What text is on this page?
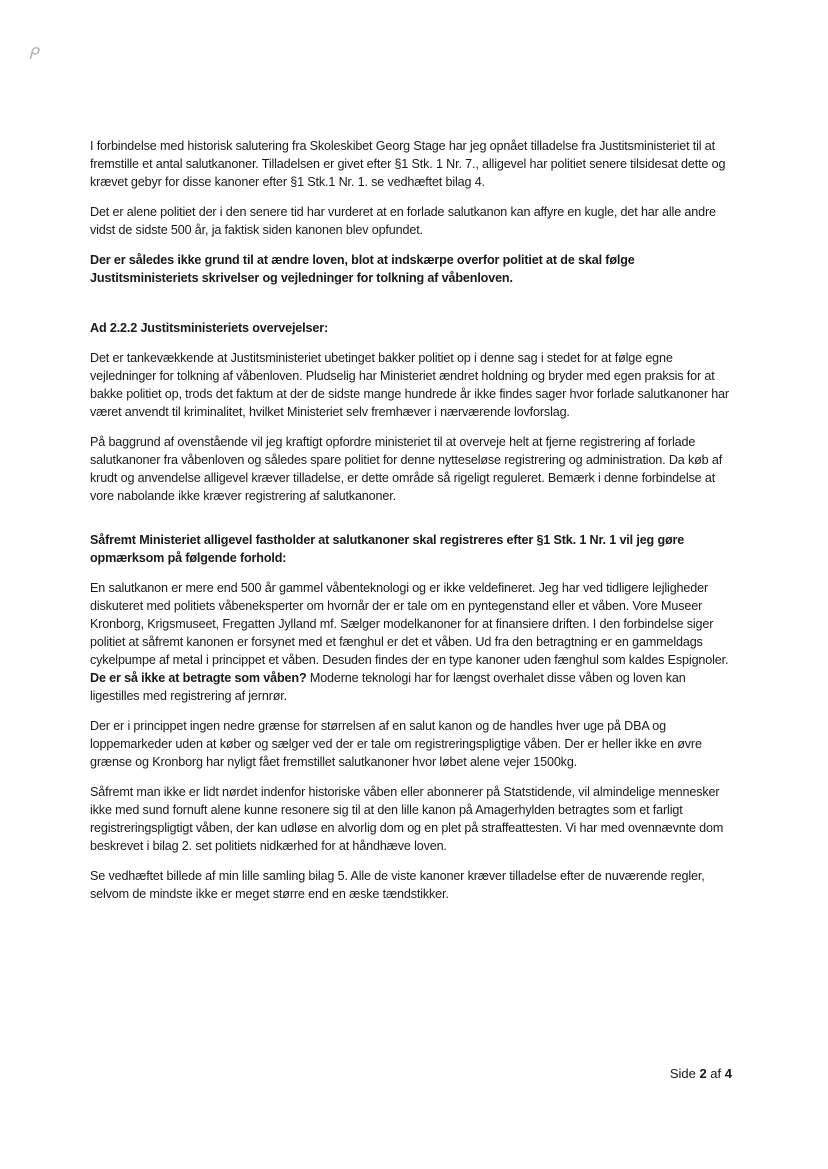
ᑭ

I forbindelse med historisk salutering fra Skoleskibet Georg Stage har jeg opnået tilladelse fra Justitsministeriet til at fremstille et antal salutkanoner. Tilladelsen er givet efter §1 Stk. 1 Nr. 7., alligevel har politiet senere tilsidesat dette og krævet gebyr for disse kanoner efter §1 Stk.1 Nr. 1. se vedhæftet bilag 4.

Det er alene politiet der i den senere tid har vurderet at en forlade salutkanon kan affyre en kugle, det har alle andre vidst de sidste 500 år, ja faktisk siden kanonen blev opfundet.

Der er således ikke grund til at ændre loven, blot at indskærpe overfor politiet at de skal følge Justitsministeriets skrivelser og vejledninger for tolkning af våbenloven.

Ad 2.2.2 Justitsministeriets overvejelser:

Det er tankevækkende at Justitsministeriet ubetinget bakker politiet op i denne sag i stedet for at følge egne vejledninger for tolkning af våbenloven. Pludselig har Ministeriet ændret holdning og bryder med egen praksis for at bakke politiet op, trods det faktum at der de sidste mange hundrede år ikke findes sager hvor forlade salutkanoner har været anvendt til kriminalitet, hvilket Ministeriet selv fremhæver i nærværende lovforslag.

På baggrund af ovenstående vil jeg kraftigt opfordre ministeriet til at overveje helt at fjerne registrering af forlade salutkanoner fra våbenloven og således spare politiet for denne nytteseløse registrering og administration. Da køb af krudt og anvendelse alligevel kræver tilladelse, er dette område så rigeligt reguleret. Bemærk i denne forbindelse at vore nabolande ikke kræver registrering af salutkanoner.

Såfremt Ministeriet alligevel fastholder at salutkanoner skal registreres efter §1 Stk. 1 Nr. 1 vil jeg gøre opmærksom på følgende forhold:

En salutkanon er mere end 500 år gammel våbenteknologi og er ikke veldefineret. Jeg har ved tidligere lejligheder diskuteret med politiets våbeneksperter om hvornår der er tale om en pyntegenstand eller et våben. Vore Museer Kronborg, Krigsmuseet, Fregatten Jylland mf. Sælger modelkanoner for at finansiere driften. I den forbindelse siger politiet at såfremt kanonen er forsynet med et fænghul er det et våben. Ud fra den betragtning er en gammeldags cykelpumpe af metal i princippet et våben. Desuden findes der en type kanoner uden fænghul som kaldes Espignoler. De er så ikke at betragte som våben? Moderne teknologi har for længst overhalet disse våben og loven kan ligestilles med registrering af jernrør.

Der er i princippet ingen nedre grænse for størrelsen af en salut kanon og de handles hver uge på DBA og loppemarkeder uden at køber og sælger ved der er tale om registreringspligtige våben. Der er heller ikke en øvre grænse og Kronborg har nyligt fået fremstillet salutkanoner hvor løbet alene vejer 1500kg.

Såfremt man ikke er lidt nørdet indenfor historiske våben eller abonnerer på Statstidende, vil almindelige mennesker ikke med sund fornuft alene kunne resonere sig til at den lille kanon på Amagerhylden betragtes som et farligt registreringspligtigt våben, der kan udløse en alvorlig dom og en plet på straffeattesten. Vi har med ovennævnte dom beskrevet i bilag 2. set politiets nidkærhed for at håndhæve loven.

Se vedhæftet billede af min lille samling bilag 5. Alle de viste kanoner kræver tilladelse efter de nuværende regler, selvom de mindste ikke er meget større end en æske tændstikker.

Side 2 af 4
